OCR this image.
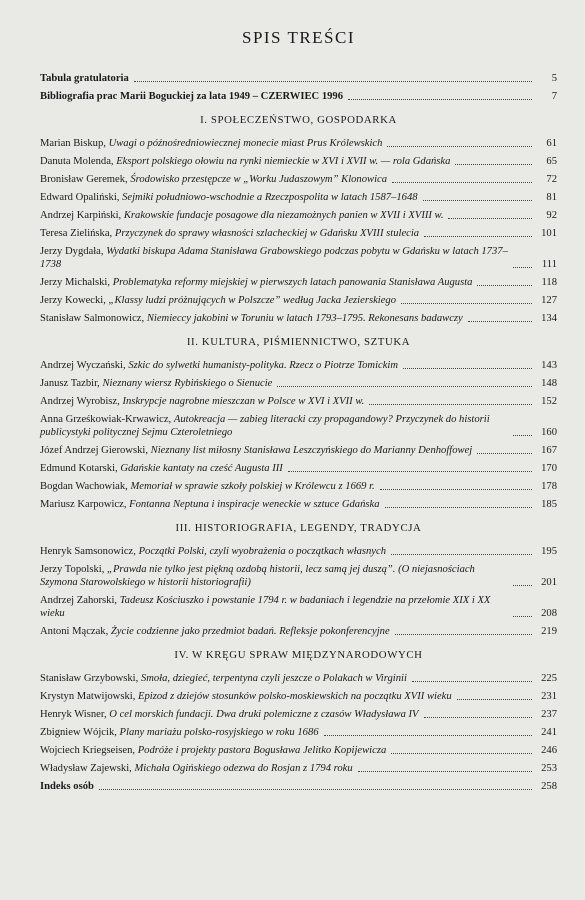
SPIS TREŚCI
Tabula gratulatoria	5
Bibliografia prac Marii Boguckiej za lata 1949 – CZERWIEC 1996	7
I. SPOŁECZEŃSTWO, GOSPODARKA
Marian Biskup, Uwagi o późnośredniowiecznej monecie miast Prus Królewskich	61
Danuta Molenda, Eksport polskiego ołowiu na rynki niemieckie w XVI i XVII w. — rola Gdańska	65
Bronisław Geremek, Środowisko przestępcze w „Worku Judaszowym” Klonowica	72
Edward Opaliński, Sejmiki południowo-wschodnie a Rzeczpospolita w latach 1587–1648	81
Andrzej Karpiński, Krakowskie fundacje posagowe dla niezamożnych panien w XVII i XVIII w.	92
Teresa Zielińska, Przyczynek do sprawy własności szlacheckiej w Gdańsku XVIII stulecia	101
Jerzy Dygdała, Wydatki biskupa Adama Stanisława Grabowskiego podczas pobytu w Gdańsku w latach 1737–1738	111
Jerzy Michalski, Problematyka reformy miejskiej w pierwszych latach panowania Stanisława Augusta	118
Jerzy Kowecki, „Klassy ludzi próżnujących w Polszcze” według Jacka Jezierskiego	127
Stanisław Salmonowicz, Niemieccy jakobini w Toruniu w latach 1793–1795. Rekonesans badawczy	134
II. KULTURA, PIŚMIENNICTWO, SZTUKA
Andrzej Wyczański, Szkic do sylwetki humanisty-polityka. Rzecz o Piotrze Tomickim	143
Janusz Tazbir, Nieznany wiersz Rybińskiego o Sienucie	148
Andrzej Wyrobisz, Inskrypcje nagrobne mieszczan w Polsce w XVI i XVII w.	152
Anna Grześkowiak-Krwawicz, Autokreacja — zabieg literacki czy propagandowy? Przyczynek do historii publicystyki politycznej Sejmu Czteroletniego	160
Józef Andrzej Gierowski, Nieznany list miłosny Stanisława Leszczyńskiego do Marianny Denhoffowej	167
Edmund Kotarski, Gdańskie kantaty na cześć Augusta III	170
Bogdan Wachowiak, Memoriał w sprawie szkoły polskiej w Królewcu z 1669 r.	178
Mariusz Karpowicz, Fontanna Neptuna i inspiracje weneckie w sztuce Gdańska	185
III. HISTORIOGRAFIA, LEGENDY, TRADYCJA
Henryk Samsonowicz, Początki Polski, czyli wyobrażenia o początkach własnych	195
Jerzy Topolski, „Prawda nie tylko jest piękną ozdobą historii, lecz samą jej duszą”. (O niejasnościach Szymona Starowolskiego w historii historiografii)	201
Andrzej Zahorski, Tadeusz Kościuszko i powstanie 1794 r. w badaniach i legendzie na przełomie XIX i XX wieku	208
Antoni Mączak, Życie codzienne jako przedmiot badań. Refleksje pokonferencyjne	219
IV. W KRĘGU SPRAW MIĘDZYNARODOWYCH
Stanisław Grzybowski, Smoła, dziegieć, terpentyna czyli jeszcze o Polakach w Virginii	225
Krystyn Matwijowski, Epizod z dziejów stosunków polsko-moskiewskich na początku XVII wieku	231
Henryk Wisner, O cel morskich fundacji. Dwa druki polemiczne z czasów Władysława IV	237
Zbigniew Wójcik, Plany mariażu polsko-rosyjskiego w roku 1686	241
Wojciech Kriegseisen, Podróże i projekty pastora Bogusława Jelitko Kopijewicza	246
Władysław Zajewski, Michała Ogińskiego odezwa do Rosjan z 1794 roku	253
Indeks osób	258
